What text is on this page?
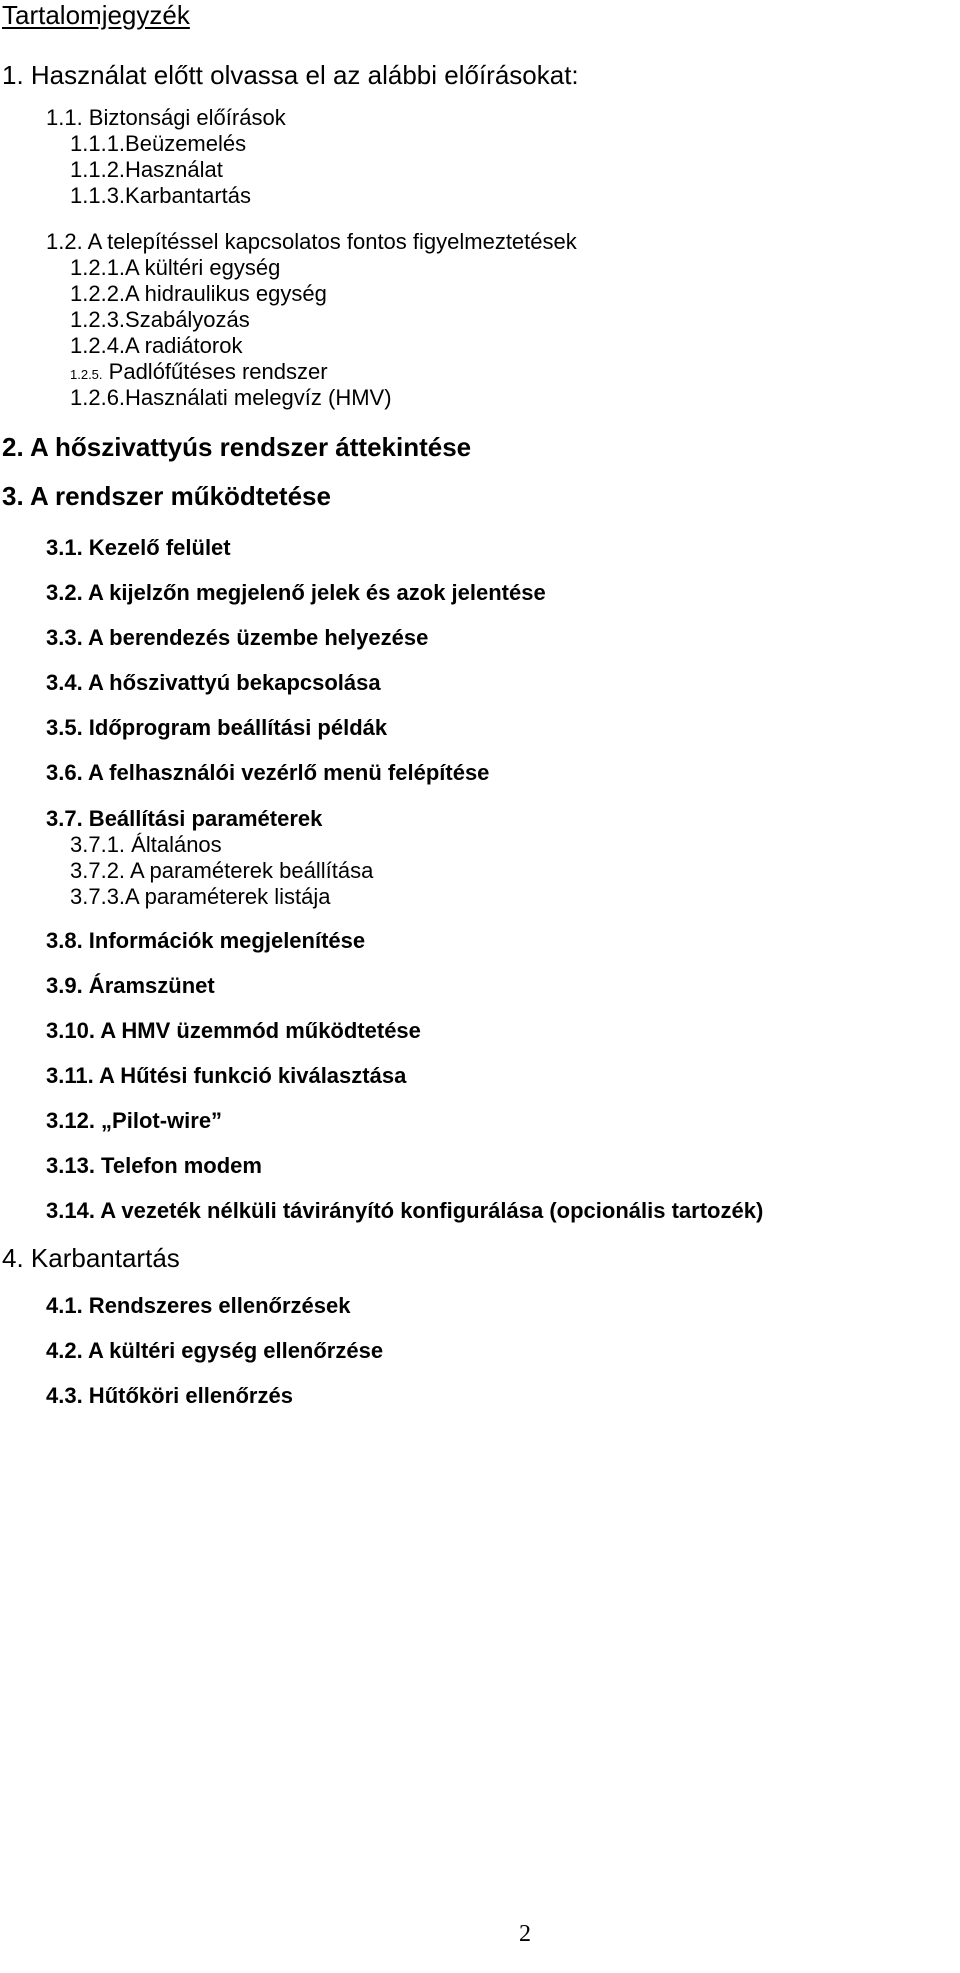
Tartalomjegyzék
1. Használat előtt olvassa el az alábbi előírásokat:
1.1. Biztonsági előírások
1.1.1.Beüzemelés
1.1.2.Használat
1.1.3.Karbantartás
1.2. A telepítéssel kapcsolatos fontos figyelmeztetések
1.2.1.A kültéri egység
1.2.2.A hidraulikus egység
1.2.3.Szabályozás
1.2.4.A radiátorok
1.2.5. Padlófűtéses rendszer
1.2.6.Használati melegvíz (HMV)
2. A hőszivattyús rendszer áttekintése
3. A rendszer működtetése
3.1. Kezelő felület
3.2. A kijelzőn megjelenő jelek és azok jelentése
3.3. A berendezés üzembe helyezése
3.4. A hőszivattyú bekapcsolása
3.5. Időprogram beállítási példák
3.6. A felhasználói vezérlő menü felépítése
3.7. Beállítási paraméterek
3.7.1. Általános
3.7.2. A paraméterek beállítása
3.7.3.A paraméterek listája
3.8. Információk megjelenítése
3.9. Áramszünet
3.10. A HMV üzemmód működtetése
3.11. A Hűtési funkció kiválasztása
3.12. „Pilot-wire”
3.13. Telefon modem
3.14. A vezeték nélküli távirányító konfigurálása (opcionális tartozék)
4. Karbantartás
4.1. Rendszeres ellenőrzések
4.2. A kültéri egység ellenőrzése
4.3. Hűtőköri ellenőrzés
2
